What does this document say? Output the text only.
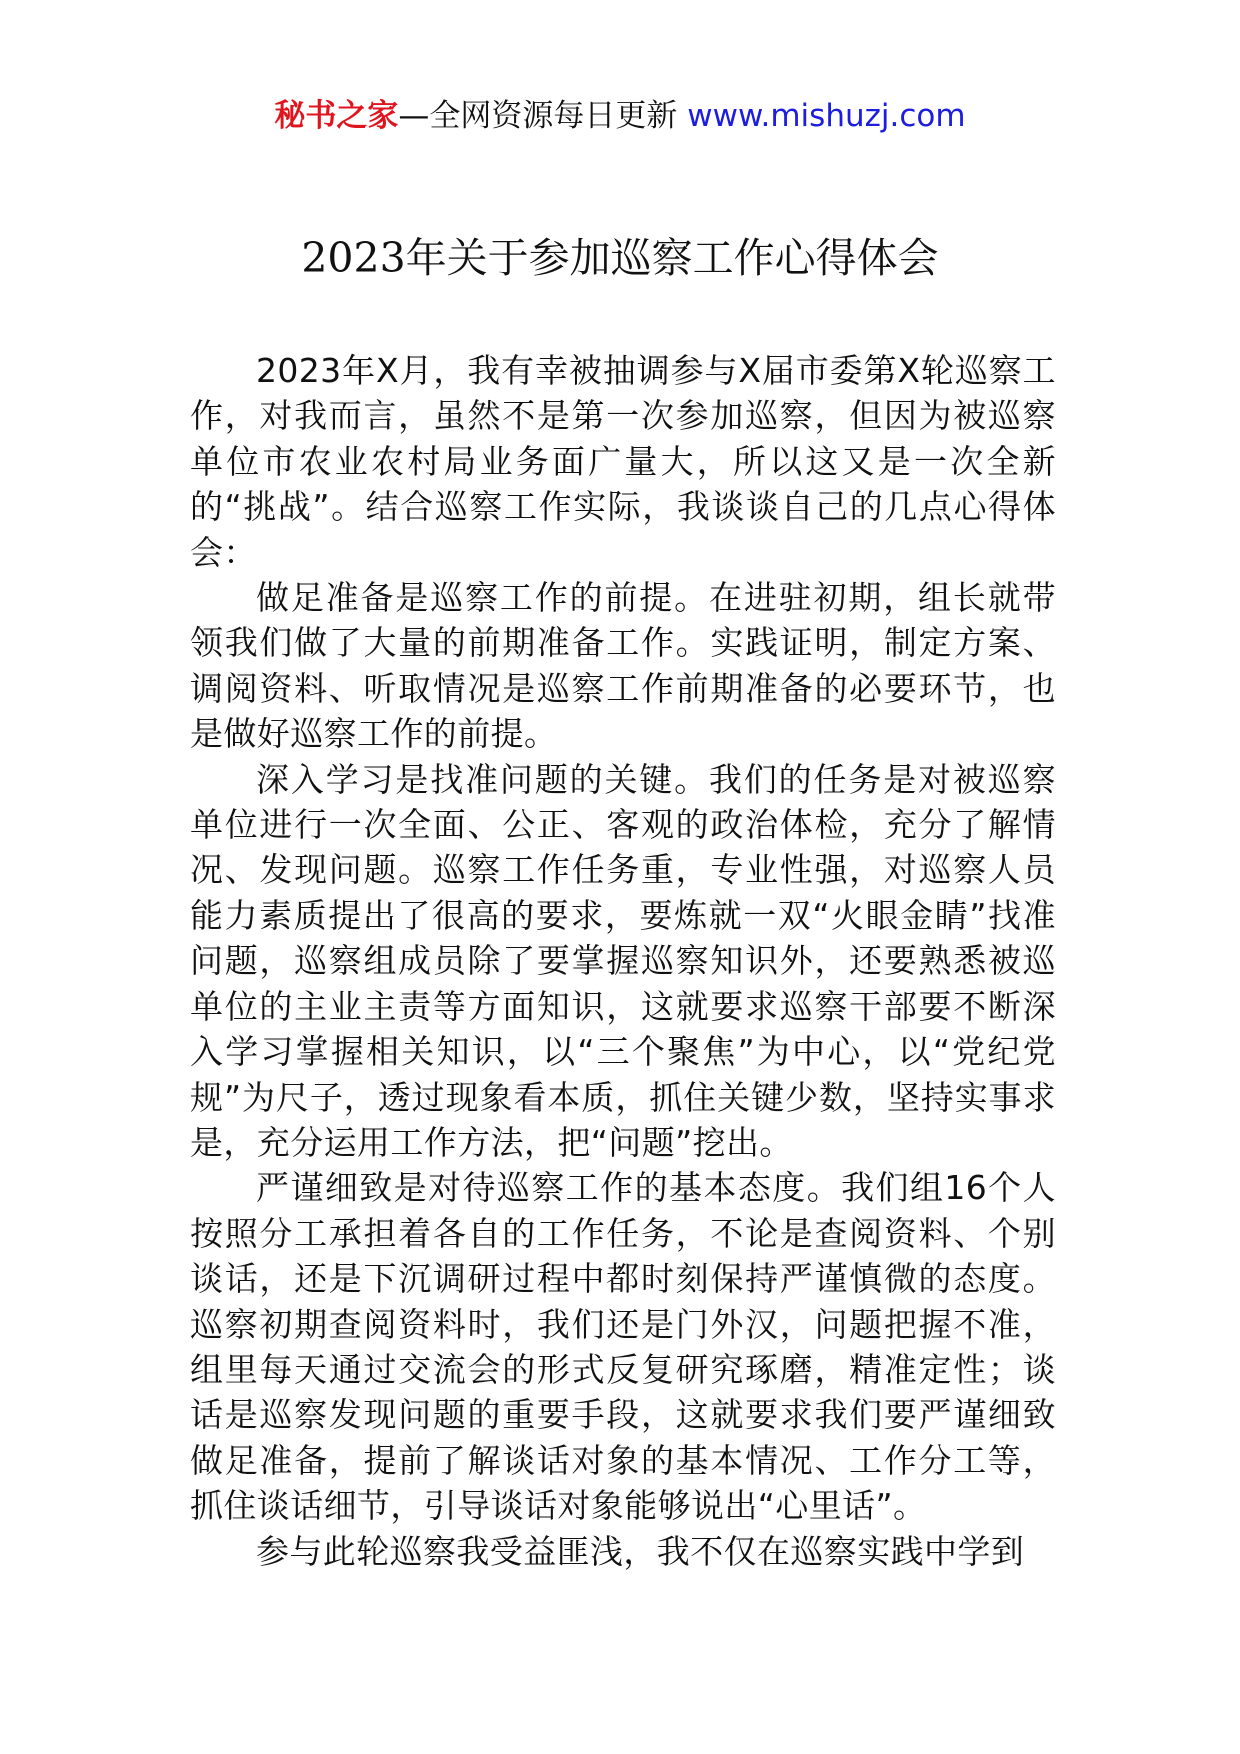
秘书之家—全网资源每日更新 www.mishuzj.com
2023年关于参加巡察工作心得体会

2023年X月，我有幸被抽调参与X届市委第X轮巡察工作，对我而言，虽然不是第一次参加巡察，但因为被巡察单位市农业农村局业务面广量大，所以这又是一次全新的“挑战”。结合巡察工作实际，我谈谈自己的几点心得体会：

做足准备是巡察工作的前提。在进驻初期，组长就带领我们做了大量的前期准备工作。实践证明，制定方案、调阅资料、听取情况是巡察工作前期准备的必要环节，也是做好巡察工作的前提。

深入学习是找准问题的关键。我们的任务是对被巡察单位进行一次全面、公正、客观的政治体检，充分了解情况、发现问题。巡察工作任务重，专业性强，对巡察人员能力素质提出了很高的要求，要炼就一双“火眼金睛”找准问题，巡察组成员除了要掌握巡察知识外，还要熟悉被巡单位的主业主责等方面知识，这就要求巡察干部要不断深入学习掌握相关知识，以“三个聚焦”为中心，以“党纪党规”为尺子，透过现象看本质，抓住关键少数，坚持实事求是，充分运用工作方法，把“问题”挖出。

严谨细致是对待巡察工作的基本态度。我们组16个人按照分工承担着各自的工作任务，不论是查阅资料、个别谈话，还是下沉调研过程中都时刻保持严谨慎微的态度。巡察初期查阅资料时，我们还是门外汉，问题把握不准，组里每天通过交流会的形式反复研究琢磨，精准定性；谈话是巡察发现问题的重要手段，这就要求我们要严谨细致做足准备，提前了解谈话对象的基本情况、工作分工等，抓住谈话细节，引导谈话对象能够说出“心里话”。

参与此轮巡察我受益匪浅，我不仅在巡察实践中学到
